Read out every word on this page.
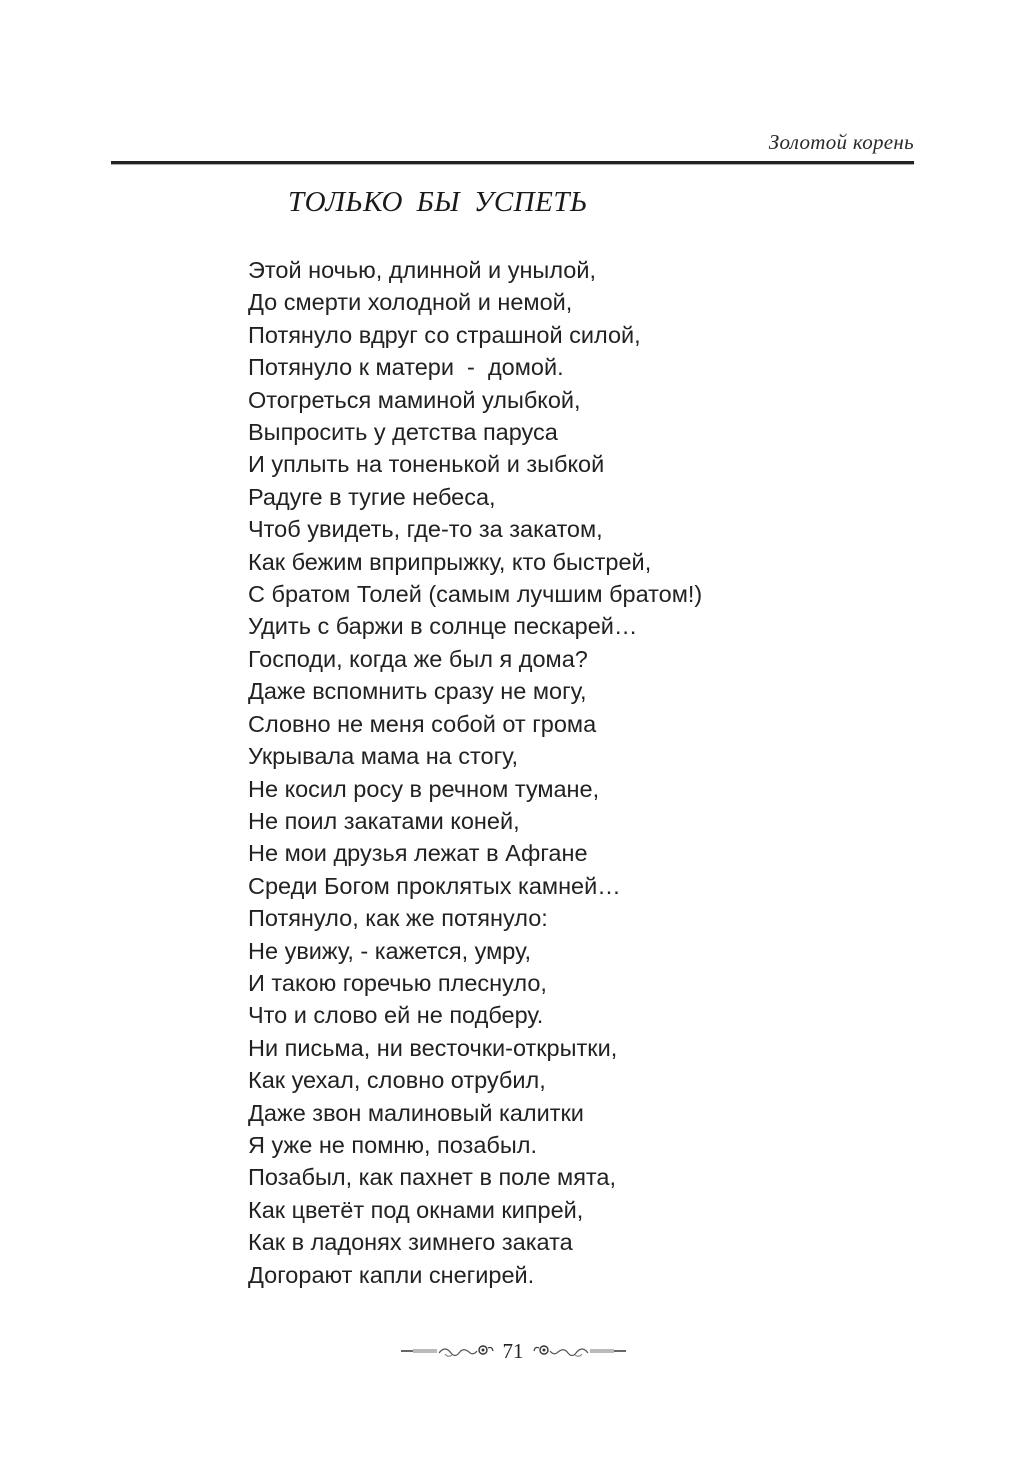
Золотой корень
ТОЛЬКО БЫ УСПЕТЬ
Этой ночью, длинной и унылой,
До смерти холодной и немой,
Потянуло вдруг со страшной силой,
Потянуло к матери  -  домой.
Отогреться маминой улыбкой,
Выпросить у детства паруса
И уплыть на тоненькой и зыбкой
Радуге в тугие небеса,
Чтоб увидеть, где-то за закатом,
Как бежим вприпрыжку, кто быстрей,
С братом Толей (самым лучшим братом!)
Удить с баржи в солнце пескарей…
Господи, когда же был я дома?
Даже вспомнить сразу не могу,
Словно не меня собой от грома
Укрывала мама на стогу,
Не косил росу в речном тумане,
Не поил закатами коней,
Не мои друзья лежат в Афгане
Среди Богом проклятых камней…
Потянуло, как же потянуло:
Не увижу, - кажется, умру,
И такою горечью плеснуло,
Что и слово ей не подберу.
Ни письма, ни весточки-открытки,
Как уехал, словно отрубил,
Даже звон малиновый калитки
Я уже не помню, позабыл.
Позабыл, как пахнет в поле мята,
Как цветёт под окнами кипрей,
Как в ладонях зимнего заката
Догорают капли снегирей.
71
